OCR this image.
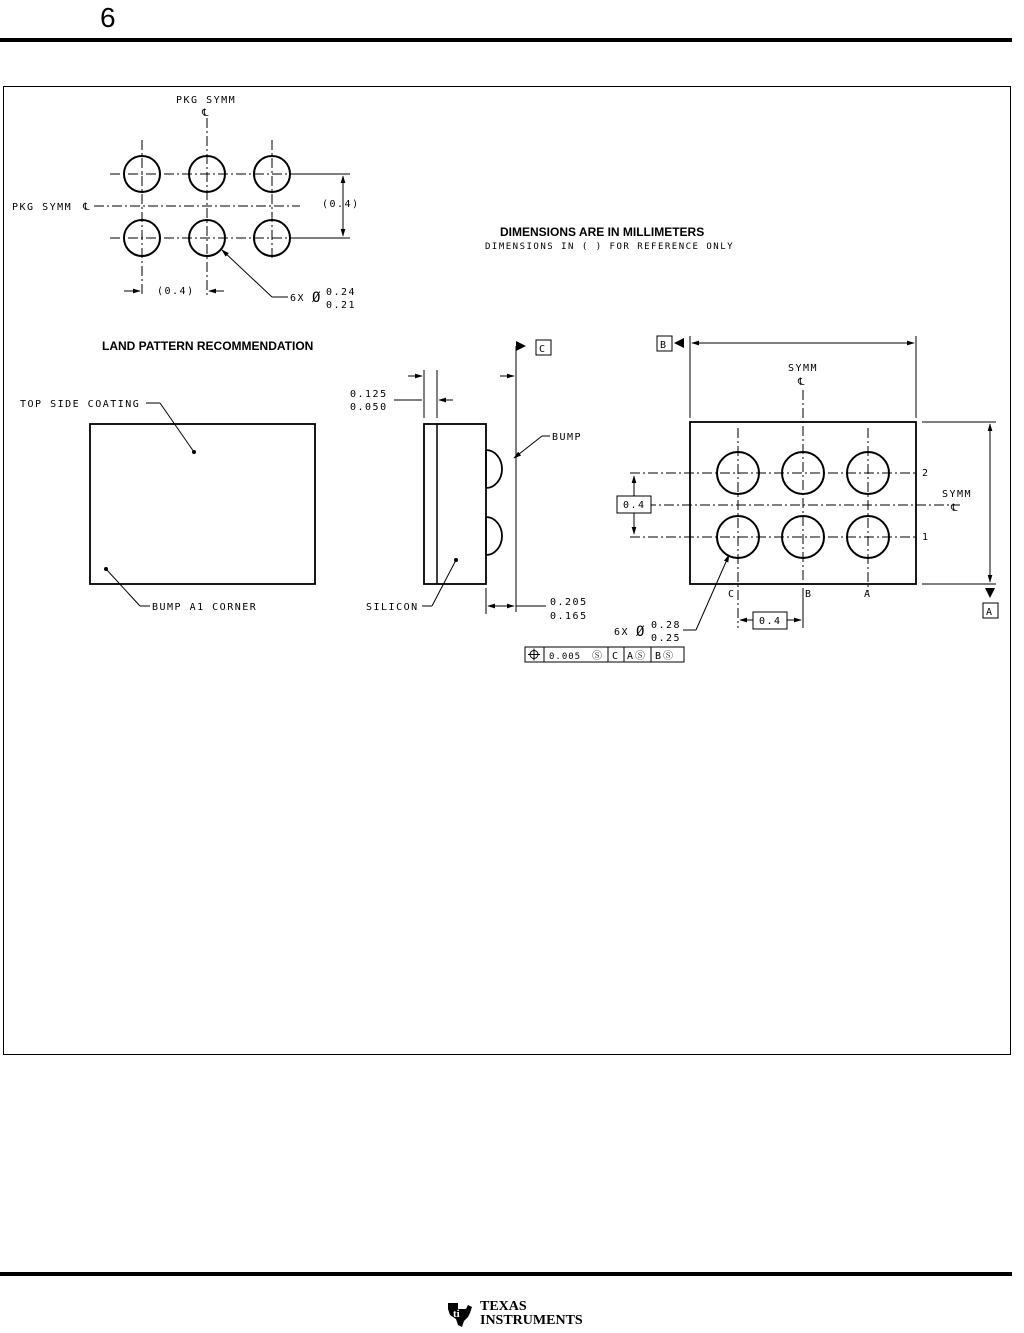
6
PKG SYMM
℄
PKG SYMM ℄	(0.4)
(0.4)
6X Ø 0.24
0.21
LAND PATTERN RECOMMENDATION
DIMENSIONS ARE IN MILLIMETERS
DIMENSIONS IN ( ) FOR REFERENCE ONLY
TOP SIDE COATING
BUMP A1 CORNER
C
0.125
0.050
BUMP
SILICON	0.205
0.165
B
SYMM
℄
A
SYMM
℄
2
1
C	B	A
0.4
0.4
6X Ø 0.28
0.25
0.005 Ⓢ C A Ⓢ B Ⓢ
ti TEXAS
INSTRUMENTS
